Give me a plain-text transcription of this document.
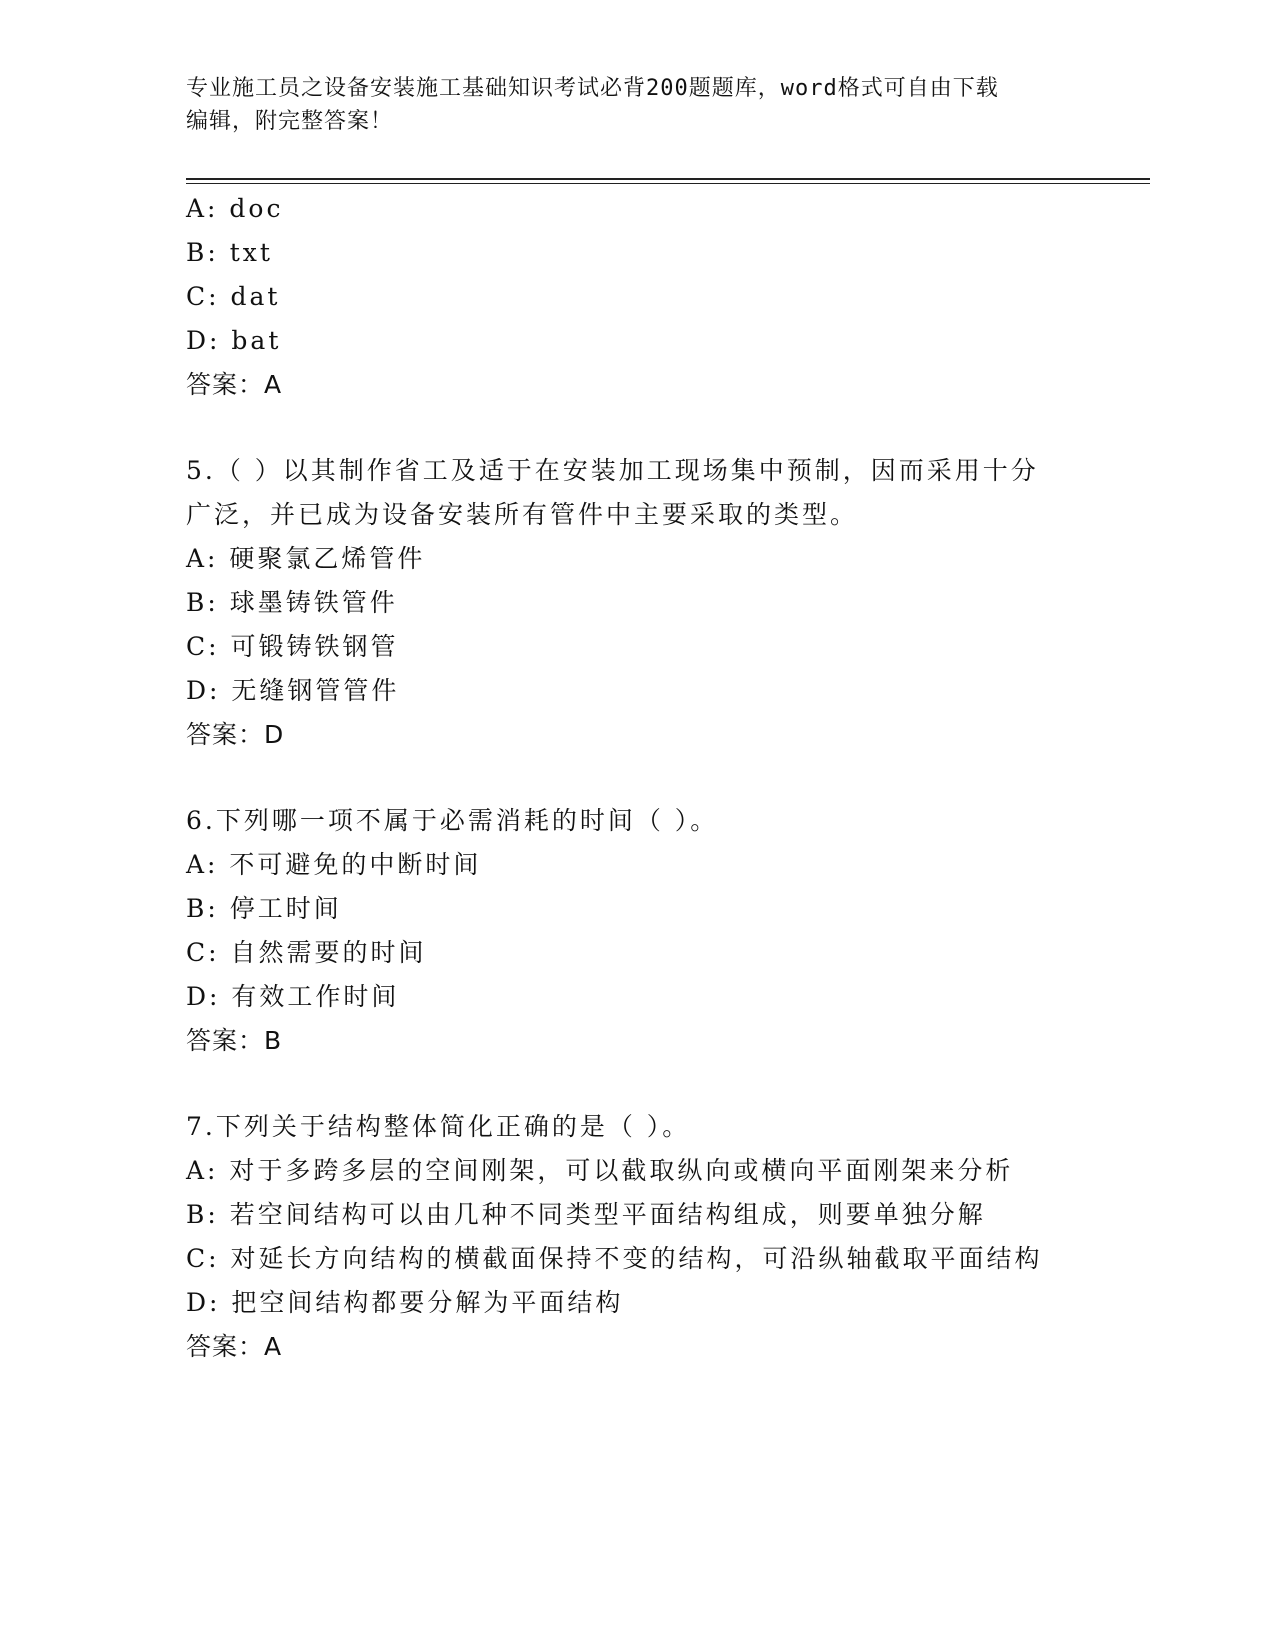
专业施工员之设备安装施工基础知识考试必背200题题库，word格式可自由下载
编辑，附完整答案！
A: doc
B: txt
C: dat
D: bat
答案：A
5.（ ）以其制作省工及适于在安装加工现场集中预制，因而采用十分
广泛，并已成为设备安装所有管件中主要采取的类型。
A: 硬聚氯乙烯管件
B: 球墨铸铁管件
C: 可锻铸铁钢管
D: 无缝钢管管件
答案：D
6.下列哪一项不属于必需消耗的时间（ ）。
A: 不可避免的中断时间
B: 停工时间
C: 自然需要的时间
D: 有效工作时间
答案：B
7.下列关于结构整体简化正确的是（ ）。
A: 对于多跨多层的空间刚架，可以截取纵向或横向平面刚架来分析
B: 若空间结构可以由几种不同类型平面结构组成，则要单独分解
C: 对延长方向结构的横截面保持不变的结构，可沿纵轴截取平面结构
D: 把空间结构都要分解为平面结构
答案：A
